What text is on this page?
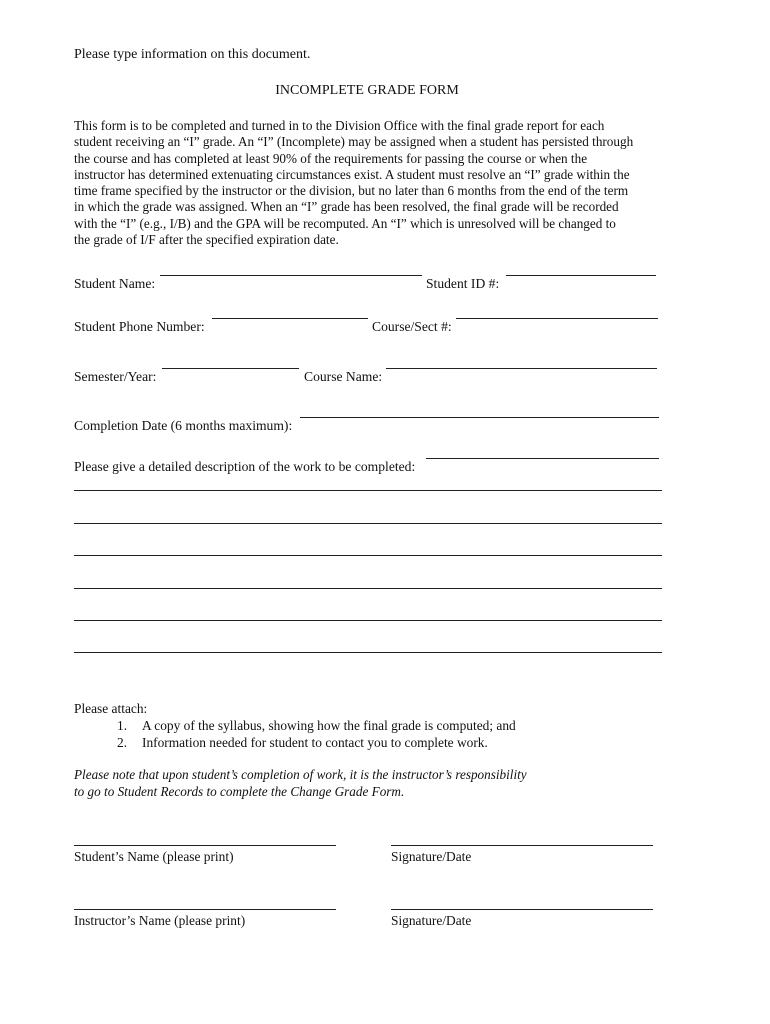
Please type information on this document.
INCOMPLETE GRADE FORM
This form is to be completed and turned in to the Division Office with the final grade report for each
student receiving an “I” grade. An “I” (Incomplete) may be assigned when a student has persisted through
the course and has completed at least 90% of the requirements for passing the course or when the
instructor has determined extenuating circumstances exist. A student must resolve an “I” grade within the
time frame specified by the instructor or the division, but no later than 6 months from the end of the term
in which the grade was assigned. When an “I” grade has been resolved, the final grade will be recorded
with the “I” (e.g., I/B) and the GPA will be recomputed. An “I” which is unresolved will be changed to
the grade of I/F after the specified expiration date.
Student Name:	Student ID #:
Student Phone Number:	Course/Sect #:
Semester/Year:	Course Name:
Completion Date (6 months maximum):
Please give a detailed description of the work to be completed:
Please attach:
1. A copy of the syllabus, showing how the final grade is computed; and
2. Information needed for student to contact you to complete work.
Please note that upon student’s completion of work, it is the instructor’s responsibility
to go to Student Records to complete the Change Grade Form.
Student’s Name (please print)	Signature/Date
Instructor’s Name (please print)	Signature/Date
